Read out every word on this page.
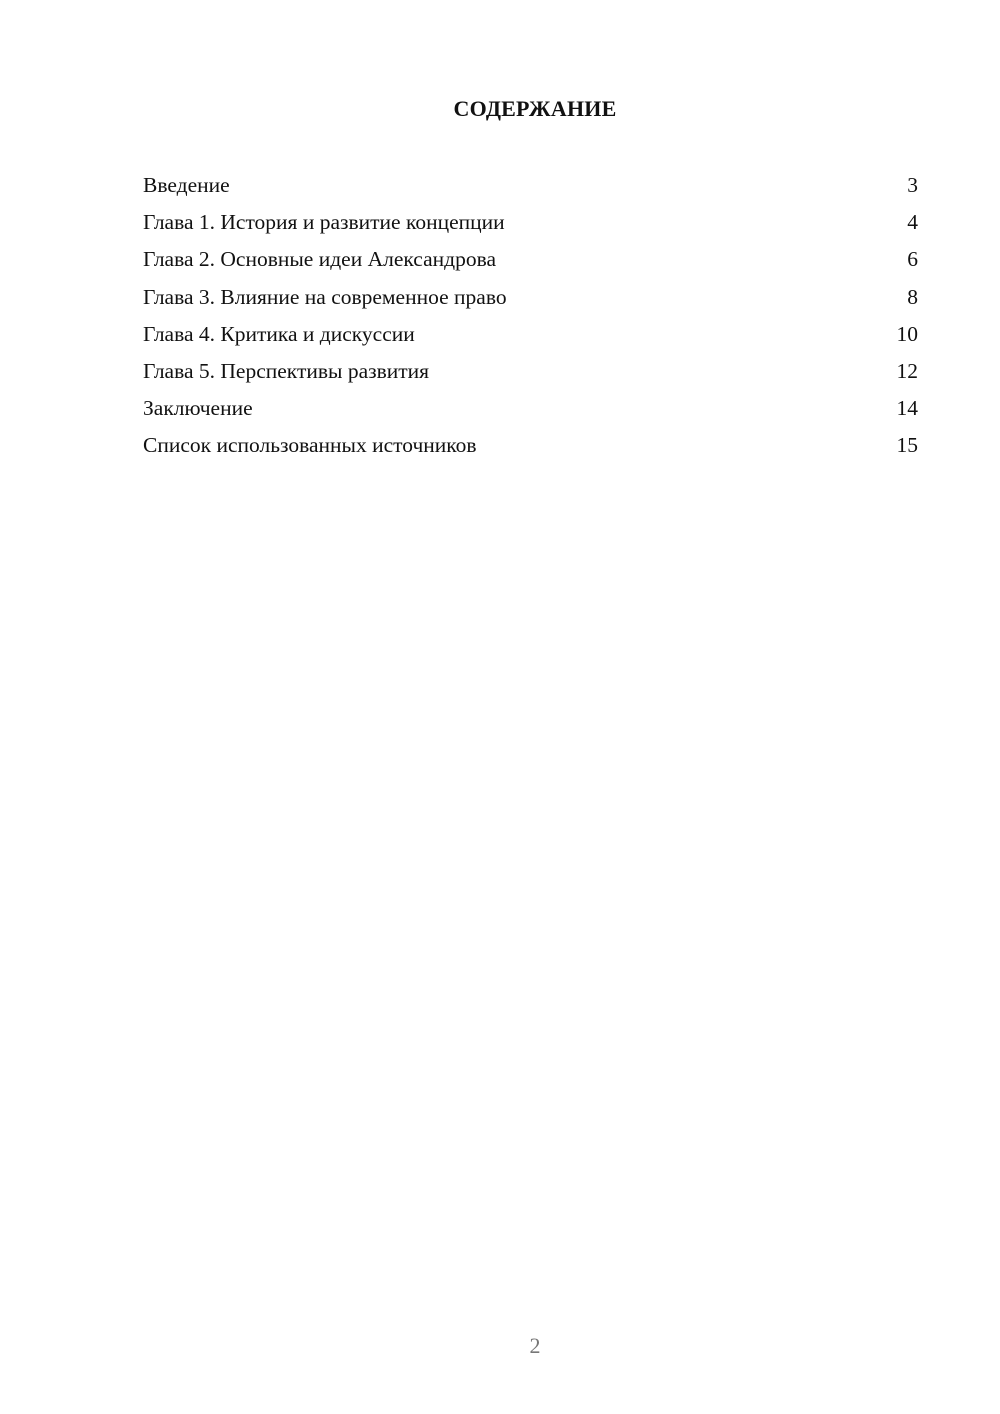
СОДЕРЖАНИЕ
Введение	3
Глава 1. История и развитие концепции	4
Глава 2. Основные идеи Александрова	6
Глава 3. Влияние на современное право	8
Глава 4. Критика и дискуссии	10
Глава 5. Перспективы развития	12
Заключение	14
Список использованных источников	15
2
